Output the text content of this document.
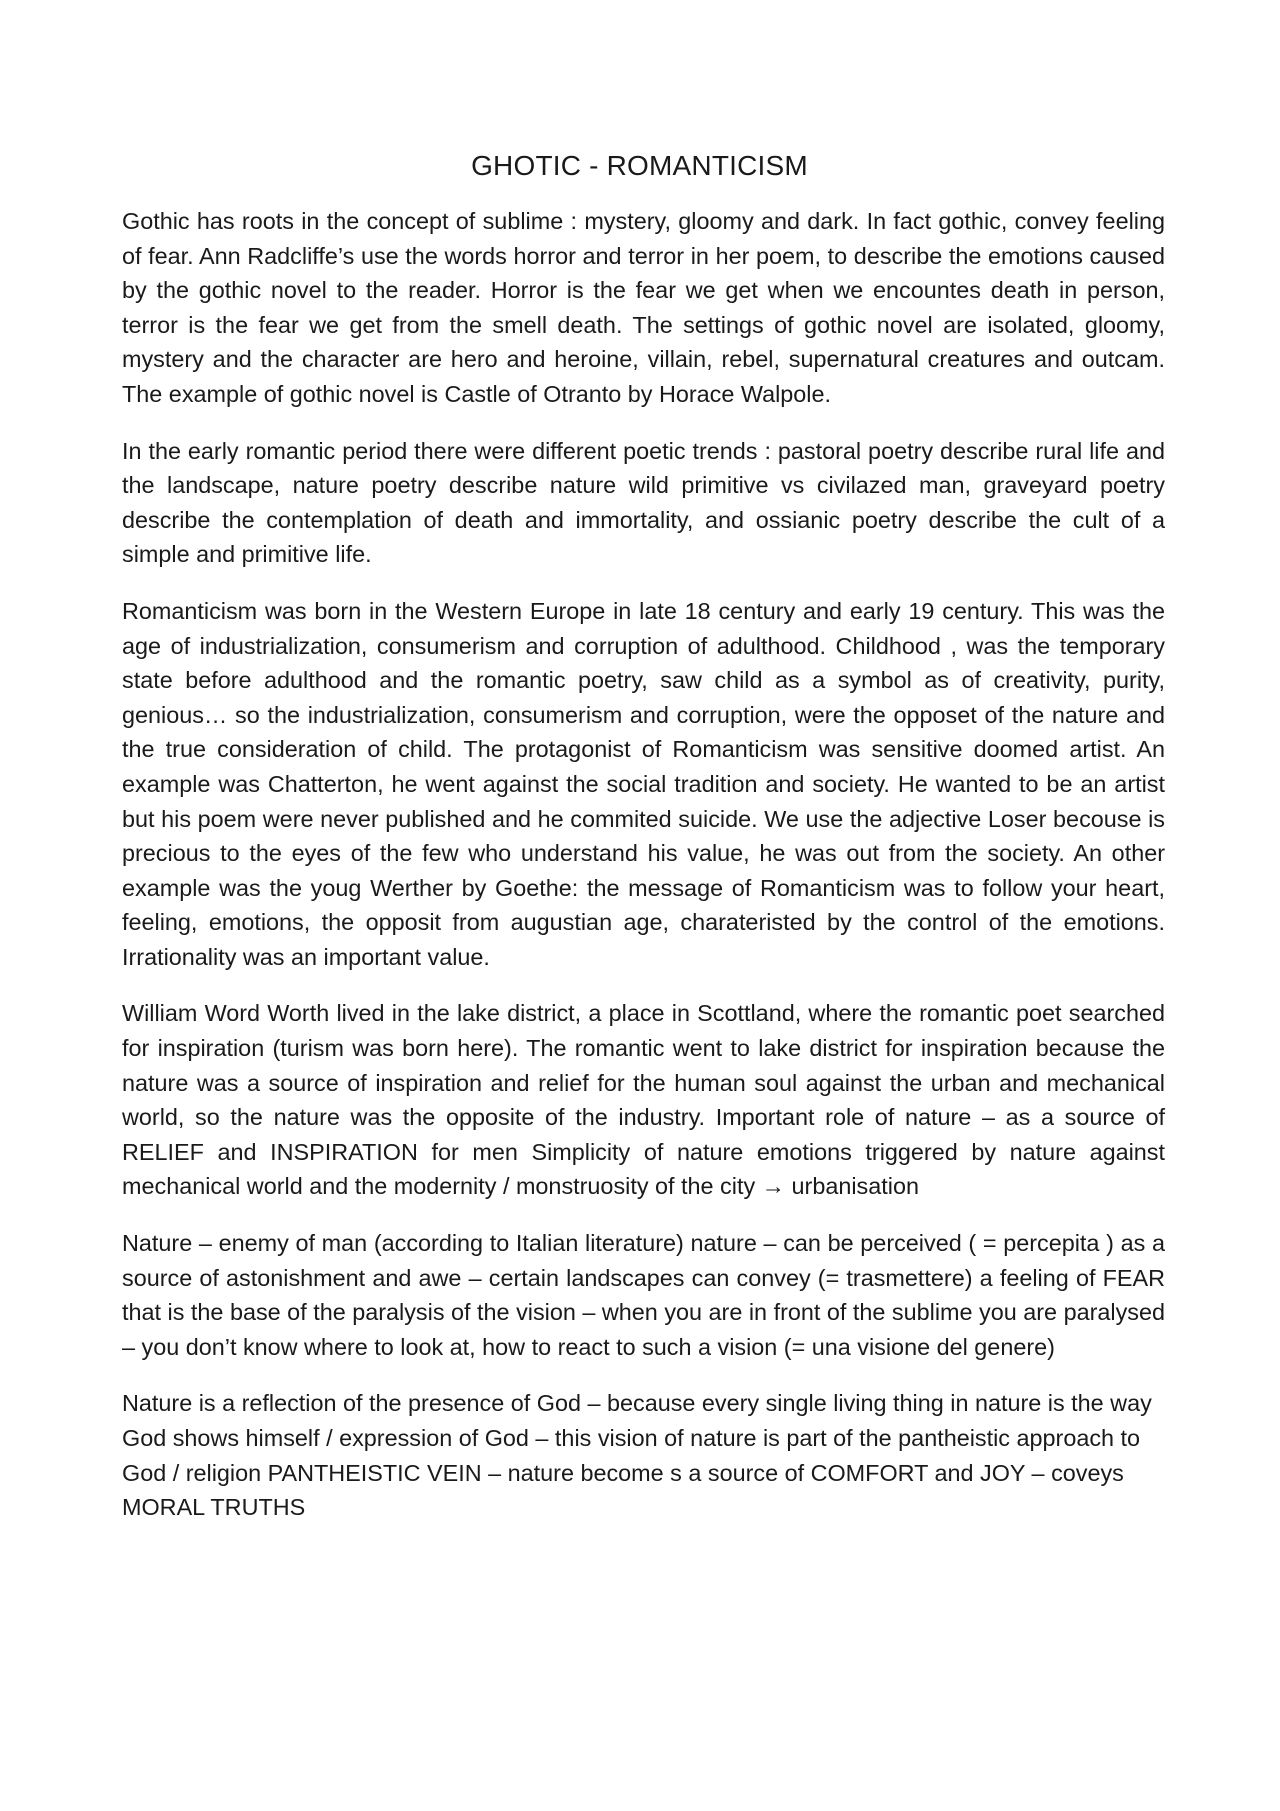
GHOTIC - ROMANTICISM

Gothic has roots in the concept of sublime : mystery, gloomy and dark. In fact gothic, convey feeling of fear. Ann Radcliffe’s use the words horror and terror in her poem, to describe the emotions caused by the gothic novel to the reader. Horror is the fear we get when we encountes death in person, terror is the fear we get from the smell death. The settings of gothic novel are isolated, gloomy, mystery and the character are hero and heroine, villain, rebel, supernatural creatures and outcam. The example of gothic novel is Castle of Otranto by Horace Walpole.

In the early romantic period there were different poetic trends : pastoral poetry describe rural life and the landscape, nature poetry describe nature wild primitive vs civilazed man, graveyard poetry describe the contemplation of death and immortality, and ossianic poetry describe the cult of a simple and primitive life.

Romanticism was born in the Western Europe in late 18 century and early 19 century. This was the age of industrialization, consumerism and corruption of adulthood. Childhood , was the temporary state before adulthood and the romantic poetry, saw child as a symbol as of creativity, purity, genious… so the industrialization, consumerism and corruption, were the opposet of the nature and the true consideration of child. The protagonist of Romanticism was sensitive doomed artist. An example was Chatterton, he went against the social tradition and society. He wanted to be an artist but his poem were never published and he commited suicide. We use the adjective Loser becouse is precious to the eyes of the few who understand his value, he was out from the society. An other example was the youg Werther by Goethe: the message of Romanticism was to follow your heart, feeling, emotions, the opposit from augustian age, charateristed by the control of the emotions. Irrationality was an important value.

William Word Worth lived in the lake district, a place in Scottland, where the romantic poet searched for inspiration (turism was born here). The romantic went to lake district for inspiration because the nature was a source of inspiration and relief for the human soul against the urban and mechanical world, so the nature was the opposite of the industry. Important role of nature – as a source of RELIEF and INSPIRATION for men Simplicity of nature emotions triggered by nature against mechanical world and the modernity / monstruosity of the city → urbanisation

Nature – enemy of man (according to Italian literature) nature – can be perceived ( = percepita ) as a source of astonishment and awe – certain landscapes can convey (= trasmettere) a feeling of FEAR that is the base of the paralysis of the vision – when you are in front of the sublime you are paralysed – you don’t know where to look at, how to react to such a vision (= una visione del genere)

Nature is a reflection of the presence of God – because every single living thing in nature is the way God shows himself / expression of God – this vision of nature is part of the pantheistic approach to God / religion PANTHEISTIC VEIN – nature become s a source of COMFORT and JOY – coveys MORAL TRUTHS
